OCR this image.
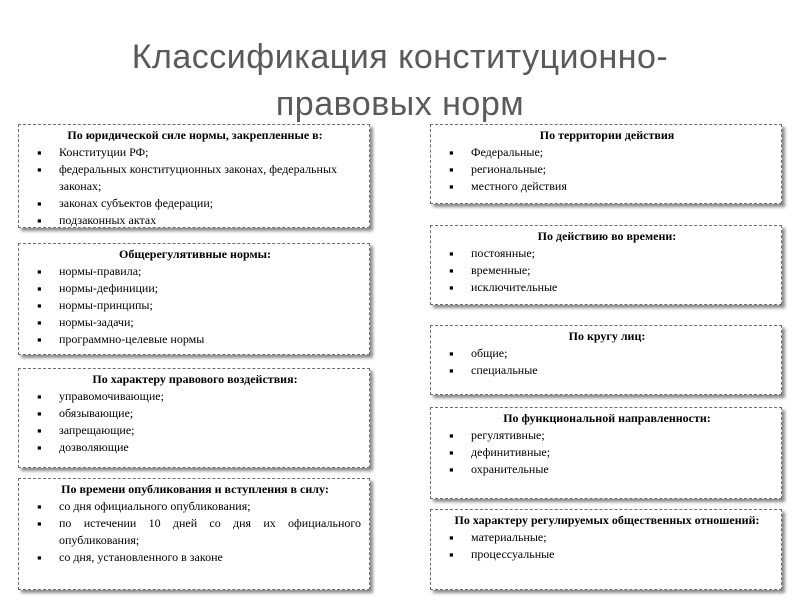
Классификация конституционно-
правовых норм
По юридической силе нормы, закрепленные в:
▪ Конституции РФ;
▪ федеральных конституционных законах, федеральных законах;
▪ законах субъектов федерации;
▪ подзаконных актах
Общерегулятивные нормы:
▪ нормы-правила;
▪ нормы-дефиниции;
▪ нормы-принципы;
▪ нормы-задачи;
▪ программно-целевые нормы
По характеру правового воздействия:
▪ управомочивающие;
▪ обязывающие;
▪ запрещающие;
▪ дозволяющие
По времени опубликования и вступления в силу:
▪ со дня официального опубликования;
▪ по истечении 10 дней со дня их официального опубликования;
▪ со дня, установленного в законе
По территории действия
▪ Федеральные;
▪ региональные;
▪ местного действия
По действию во времени:
▪ постоянные;
▪ временные;
▪ исключительные
По кругу лиц:
▪ общие;
▪ специальные
По функциональной направленности:
▪ регулятивные;
▪ дефинитивные;
▪ охранительные
По характеру регулируемых общественных отношений:
▪ материальные;
▪ процессуальные
